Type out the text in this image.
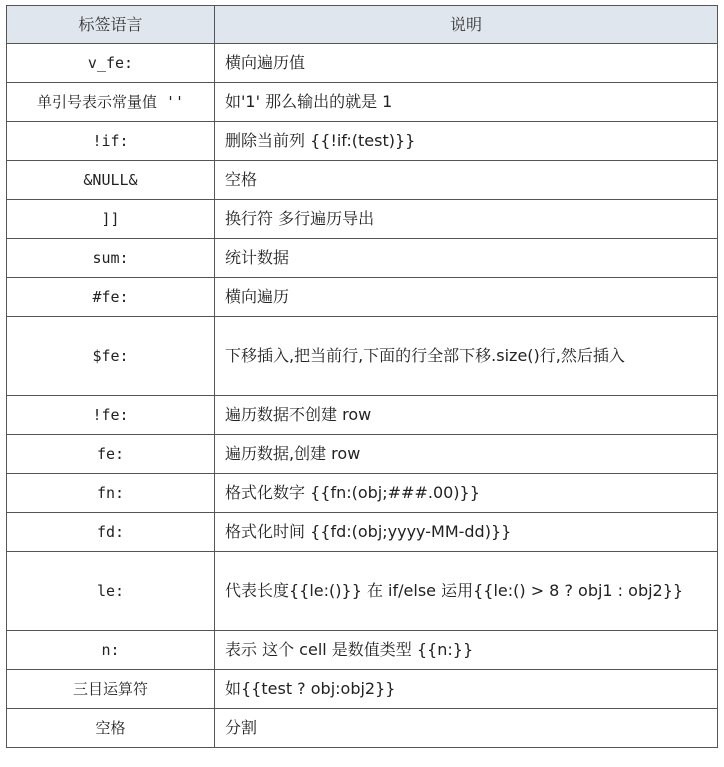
标签语言	说明
v_fe:	横向遍历值
单引号表示常量值 ''	如'1' 那么输出的就是 1
!if:	删除当前列 {{!if:(test)}}
&NULL&	空格
]]	换行符 多行遍历导出
sum:	统计数据
#fe:	横向遍历
$fe:	下移插入,把当前行,下面的行全部下移.size()行,然后插入
!fe:	遍历数据不创建 row
fe:	遍历数据,创建 row
fn:	格式化数字 {{fn:(obj;###.00)}}
fd:	格式化时间 {{fd:(obj;yyyy-MM-dd)}}
le:	代表长度{{le:()}} 在 if/else 运用{{le:() > 8 ? obj1 : obj2}}
n:	表示 这个 cell 是数值类型 {{n:}}
三目运算符	如{{test ? obj:obj2}}
空格	分割
